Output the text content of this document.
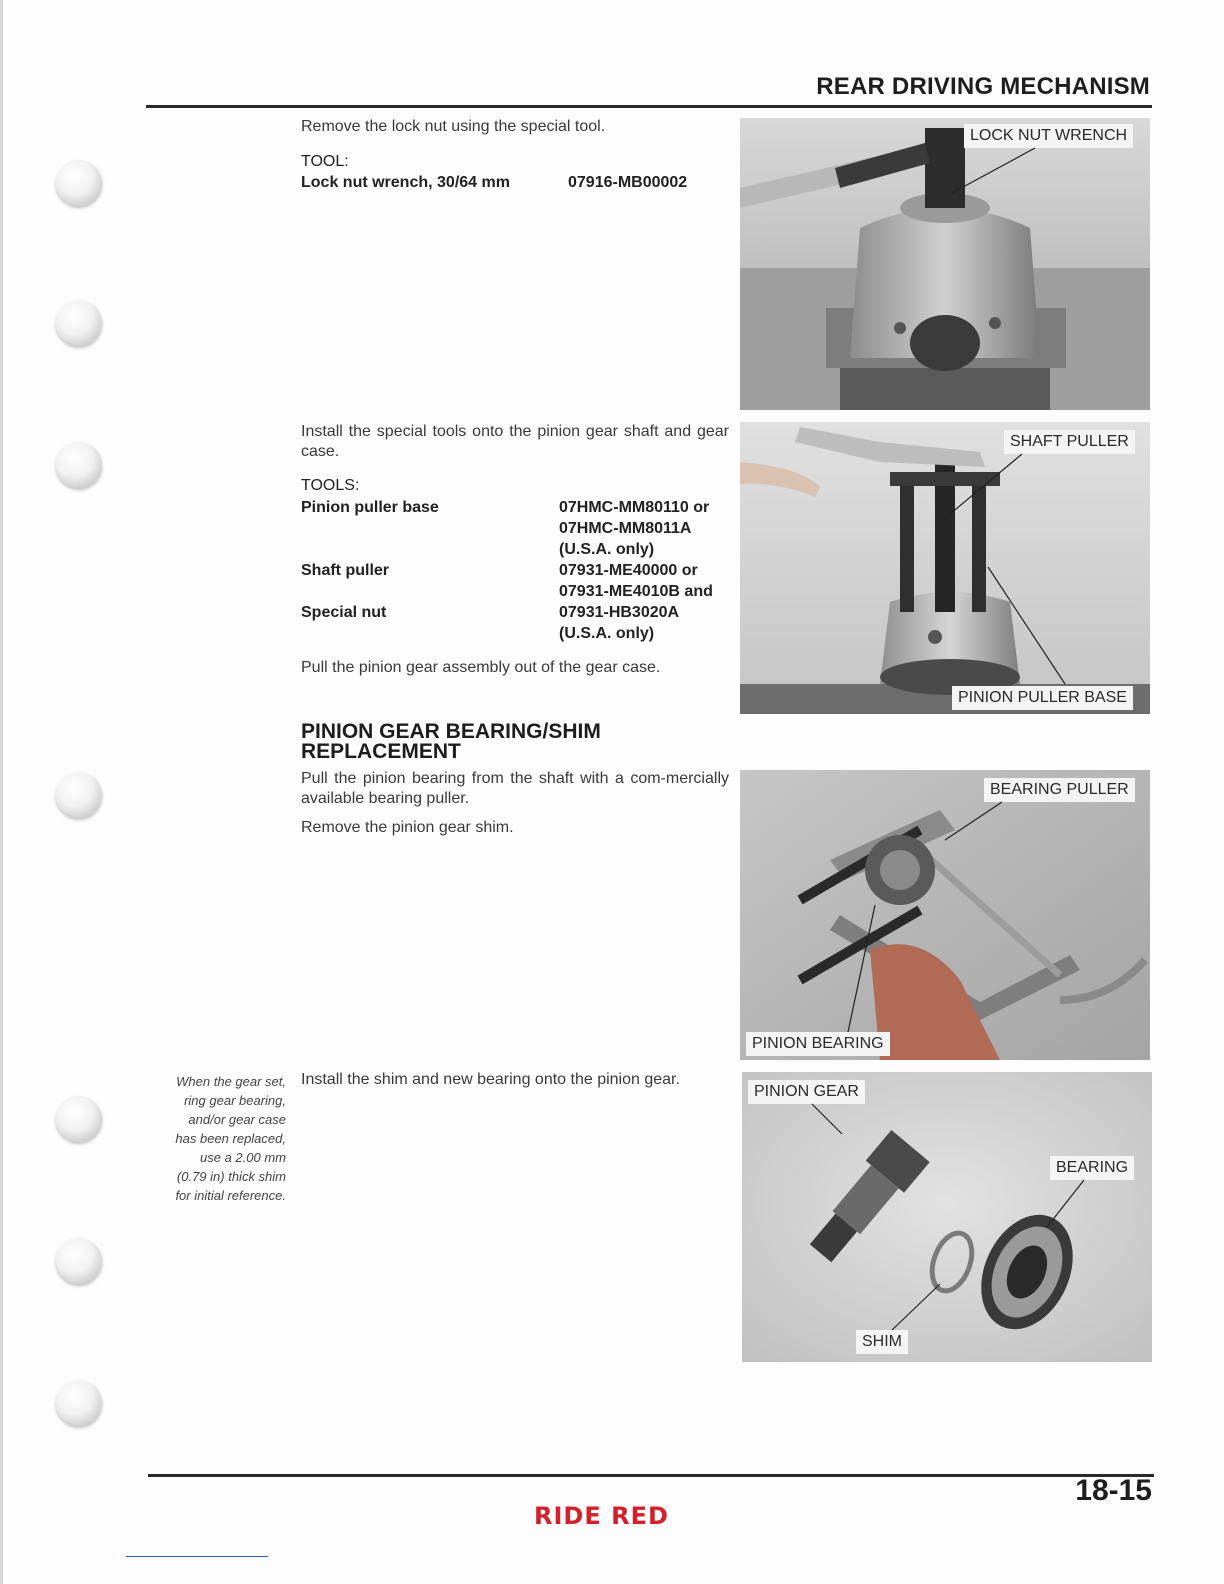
REAR DRIVING MECHANISM
Remove the lock nut using the special tool.
TOOL:
Lock nut wrench, 30/64 mm	07916-MB00002
LOCK NUT WRENCH
Install the special tools onto the pinion gear shaft and gear case.
TOOLS:
Pinion puller base	07HMC-MM80110 or
07HMC-MM8011A
(U.S.A. only)
Shaft puller	07931-ME40000 or
07931-ME4010B and
Special nut	07931-HB3020A
(U.S.A. only)
Pull the pinion gear assembly out of the gear case.
SHAFT PULLER
PINION PULLER BASE
PINION GEAR BEARING/SHIM
REPLACEMENT
Pull the pinion bearing from the shaft with a com-mercially available bearing puller.
Remove the pinion gear shim.
BEARING PULLER
PINION BEARING
When the gear set,
ring gear bearing,
and/or gear case
has been replaced,
use a 2.00 mm
(0.79 in) thick shim
for initial reference.
Install the shim and new bearing onto the pinion gear.
PINION GEAR
BEARING
SHIM
18-15
RIDE RED
